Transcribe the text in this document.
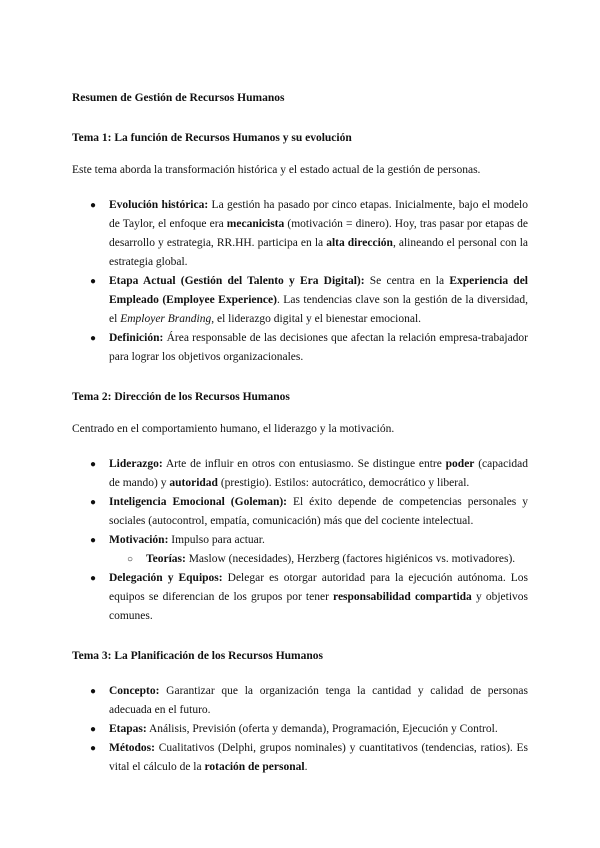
Resumen de Gestión de Recursos Humanos

Tema 1: La función de Recursos Humanos y su evolución

Este tema aborda la transformación histórica y el estado actual de la gestión de personas.

● Evolución histórica: La gestión ha pasado por cinco etapas. Inicialmente, bajo el modelo de Taylor, el enfoque era mecanicista (motivación = dinero). Hoy, tras pasar por etapas de desarrollo y estrategia, RR.HH. participa en la alta dirección, alineando el personal con la estrategia global.
● Etapa Actual (Gestión del Talento y Era Digital): Se centra en la Experiencia del Empleado (Employee Experience). Las tendencias clave son la gestión de la diversidad, el Employer Branding, el liderazgo digital y el bienestar emocional.
● Definición: Área responsable de las decisiones que afectan la relación empresa-trabajador para lograr los objetivos organizacionales.

Tema 2: Dirección de los Recursos Humanos

Centrado en el comportamiento humano, el liderazgo y la motivación.

● Liderazgo: Arte de influir en otros con entusiasmo. Se distingue entre poder (capacidad de mando) y autoridad (prestigio). Estilos: autocrático, democrático y liberal.
● Inteligencia Emocional (Goleman): El éxito depende de competencias personales y sociales (autocontrol, empatía, comunicación) más que del cociente intelectual.
● Motivación: Impulso para actuar.
○ Teorías: Maslow (necesidades), Herzberg (factores higiénicos vs. motivadores).
● Delegación y Equipos: Delegar es otorgar autoridad para la ejecución autónoma. Los equipos se diferencian de los grupos por tener responsabilidad compartida y objetivos comunes.

Tema 3: La Planificación de los Recursos Humanos

● Concepto: Garantizar que la organización tenga la cantidad y calidad de personas adecuada en el futuro.
● Etapas: Análisis, Previsión (oferta y demanda), Programación, Ejecución y Control.
● Métodos: Cualitativos (Delphi, grupos nominales) y cuantitativos (tendencias, ratios). Es vital el cálculo de la rotación de personal.
